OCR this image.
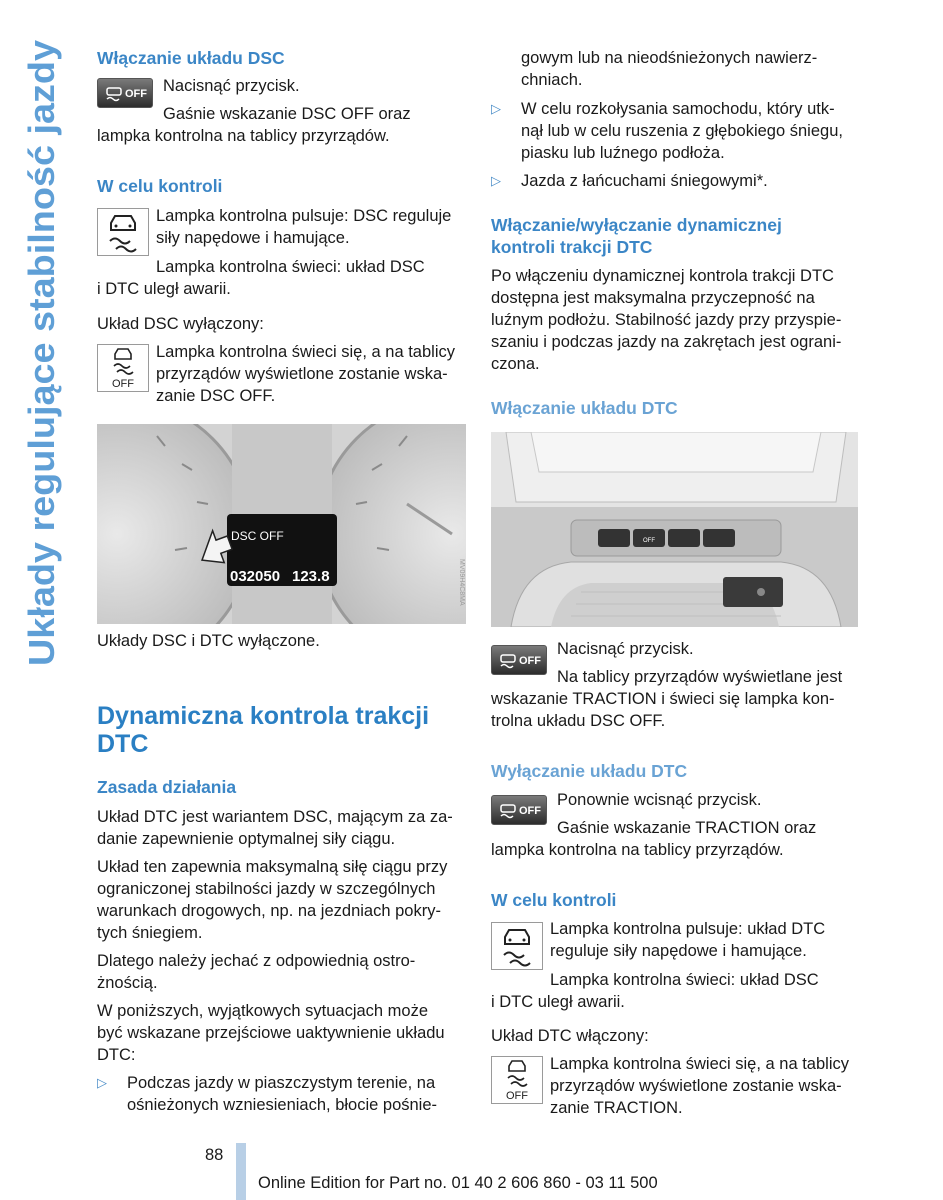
Układy regulujące stabilność jazdy
Włączanie układu DSC
OFF Nacisnąć przycisk.
Gaśnie wskazanie DSC OFF oraz
lampka kontrolna na tablicy przyrządów.
W celu kontroli
Lampka kontrolna pulsuje: DSC reguluje
siły napędowe i hamujące.
Lampka kontrolna świeci: układ DSC
i DTC uległ awarii.
Układ DSC wyłączony:
OFF
Lampka kontrolna świeci się, a na tablicy
przyrządów wyświetlone zostanie wska-
zanie DSC OFF.
DSC OFF
032050 123.8	MV09H4C8MA
Układy DSC i DTC wyłączone.
Dynamiczna kontrola trakcji DTC
Zasada działania
Układ DTC jest wariantem DSC, mającym za za-
danie zapewnienie optymalnej siły ciągu.
Układ ten zapewnia maksymalną siłę ciągu przy
ograniczonej stabilności jazdy w szczególnych
warunkach drogowych, np. na jezdniach pokry-
tych śniegiem.
Dlatego należy jechać z odpowiednią ostro-
żnością.
W poniższych, wyjątkowych sytuacjach może
być wskazane przejściowe uaktywnienie układu
DTC:
▷ Podczas jazdy w piaszczystym terenie, na
ośnieżonych wzniesieniach, błocie pośnie-
gowym lub na nieodśnieżonych nawierz-
chniach.
▷ W celu rozkołysania samochodu, który utk-
nął lub w celu ruszenia z głębokiego śniegu,
piasku lub luźnego podłoża.
▷ Jazda z łańcuchami śniegowymi*.
Włączanie/wyłączanie dynamicznej
kontroli trakcji DTC
Po włączeniu dynamicznej kontrola trakcji DTC
dostępna jest maksymalna przyczepność na
luźnym podłożu. Stabilność jazdy przy przyspie-
szaniu i podczas jazdy na zakrętach jest ograni-
czona.
Włączanie układu DTC
OFF
OFF
Nacisnąć przycisk.
Na tablicy przyrządów wyświetlane jest
wskazanie TRACTION i świeci się lampka kon-
trolna układu DSC OFF.
Wyłączanie układu DTC
OFF
Ponownie wcisnąć przycisk.
Gaśnie wskazanie TRACTION oraz
lampka kontrolna na tablicy przyrządów.
W celu kontroli
Lampka kontrolna pulsuje: układ DTC
reguluje siły napędowe i hamujące.
Lampka kontrolna świeci: układ DSC
i DTC uległ awarii.
Układ DTC włączony:
OFF
Lampka kontrolna świeci się, a na tablicy
przyrządów wyświetlone zostanie wska-
zanie TRACTION.
88
Online Edition for Part no. 01 40 2 606 860 - 03 11 500
